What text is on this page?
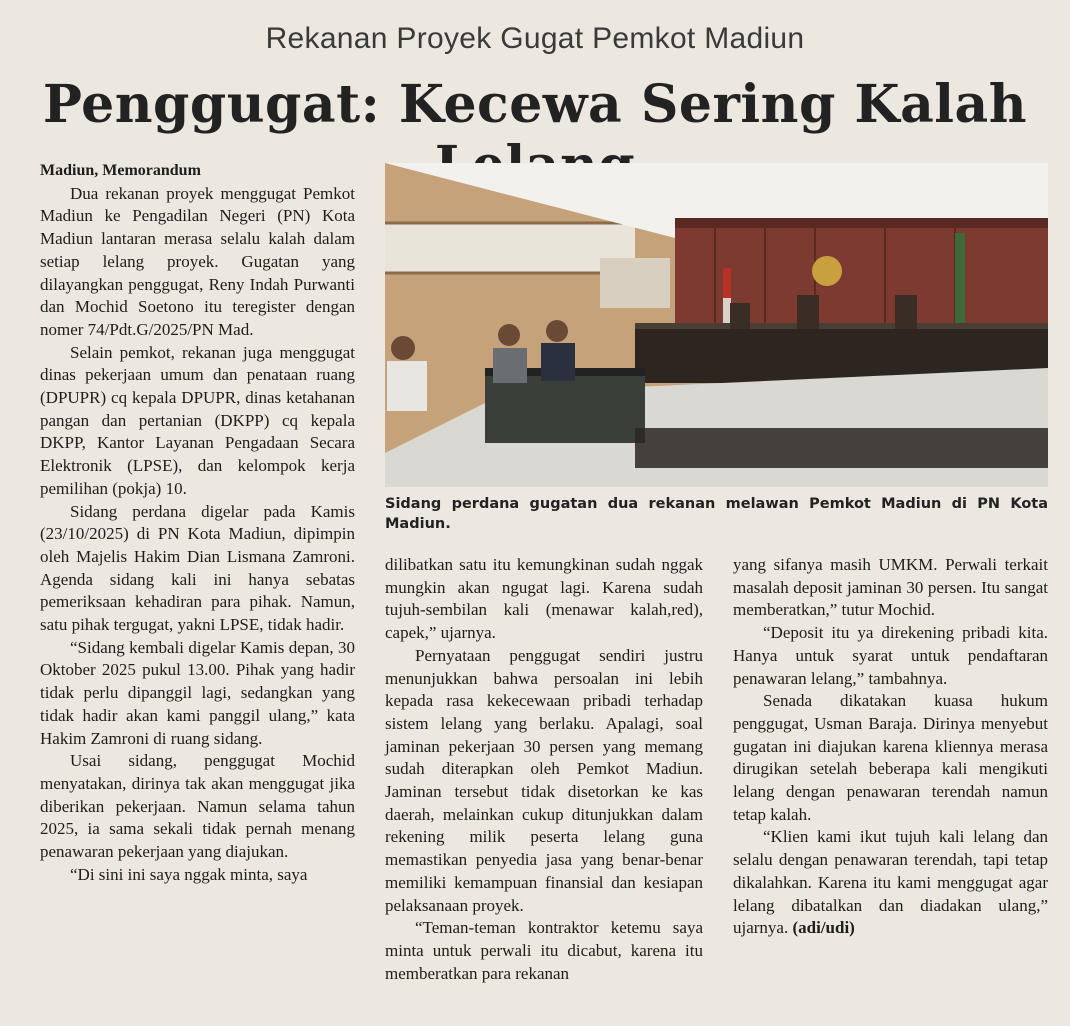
Rekanan Proyek Gugat Pemkot Madiun
Penggugat: Kecewa Sering Kalah

Madiun, Memorandum

Dua rekanan proyek menggugat Pemkot Madiun ke Pengadilan Negeri (PN) Kota Madiun lantaran merasa selalu kalah dalam setiap lelang proyek. Gugatan yang dilayangkan penggugat, Reny Indah Purwanti dan Mochid Soetono itu teregister dengan nomer 74/Pdt.G/2025/PN Mad.

Selain pemkot, rekanan juga menggugat dinas pekerjaan umum dan penataan ruang (DPUPR) cq kepala DPUPR, dinas ketahanan pangan dan pertanian (DKPP) cq kepala DKPP, Kantor Layanan Pengadaan Secara Elektronik (LPSE), dan kelompok kerja pemilihan (pokja) 10.

Sidang perdana digelar pada Kamis (23/10/2025) di PN Kota Madiun, dipimpin oleh Majelis Hakim Dian Lismana Zamroni. Agenda sidang kali ini hanya sebatas pemeriksaan kehadiran para pihak. Namun, satu pihak tergugat, yakni LPSE, tidak hadir.

“Sidang kembali digelar Kamis depan, 30 Oktober 2025 pukul 13.00. Pihak yang hadir tidak perlu dipanggil lagi, sedangkan yang tidak hadir akan kami panggil ulang,” kata Hakim Zamroni di ruang sidang.

Usai sidang, penggugat Mochid menyatakan, dirinya tak akan menggugat jika diberikan pekerjaan. Namun selama tahun 2025, ia sama sekali tidak pernah menang penawaran pekerjaan yang diajukan.

“Di sini ini saya nggak minta, saya

Sidang perdana gugatan dua rekanan melawan Pemkot Madiun di PN Kota Madiun.

dilibatkan satu itu kemungkinan sudah nggak mungkin akan ngugat lagi. Karena sudah tujuh-sembilan kali (menawar kalah,red), capek,” ujarnya.

Pernyataan penggugat sendiri justru menunjukkan bahwa persoalan ini lebih kepada rasa kekecewaan pribadi terhadap sistem lelang yang berlaku. Apalagi, soal jaminan pekerjaan 30 persen yang memang sudah diterapkan oleh Pemkot Madiun. Jaminan tersebut tidak disetorkan ke kas daerah, melainkan cukup ditunjukkan dalam rekening milik peserta lelang guna memastikan penyedia jasa yang benar-benar memiliki kemampuan finansial dan kesiapan pelaksanaan proyek.

“Teman-teman kontraktor ketemu saya minta untuk perwali itu dicabut, karena itu memberatkan para rekanan

yang sifanya masih UMKM. Perwali terkait masalah deposit jaminan 30 persen. Itu sangat memberatkan,” tutur Mochid.

“Deposit itu ya direkening pribadi kita. Hanya untuk syarat untuk pendaftaran penawaran lelang,” tambahnya.

Senada dikatakan kuasa hukum penggugat, Usman Baraja. Dirinya menyebut gugatan ini diajukan karena kliennya merasa dirugikan setelah beberapa kali mengikuti lelang dengan penawaran terendah namun tetap kalah.

“Klien kami ikut tujuh kali lelang dan selalu dengan penawaran terendah, tapi tetap dikalahkan. Karena itu kami menggugat agar lelang dibatalkan dan diadakan ulang,” ujarnya. (adi/udi)
